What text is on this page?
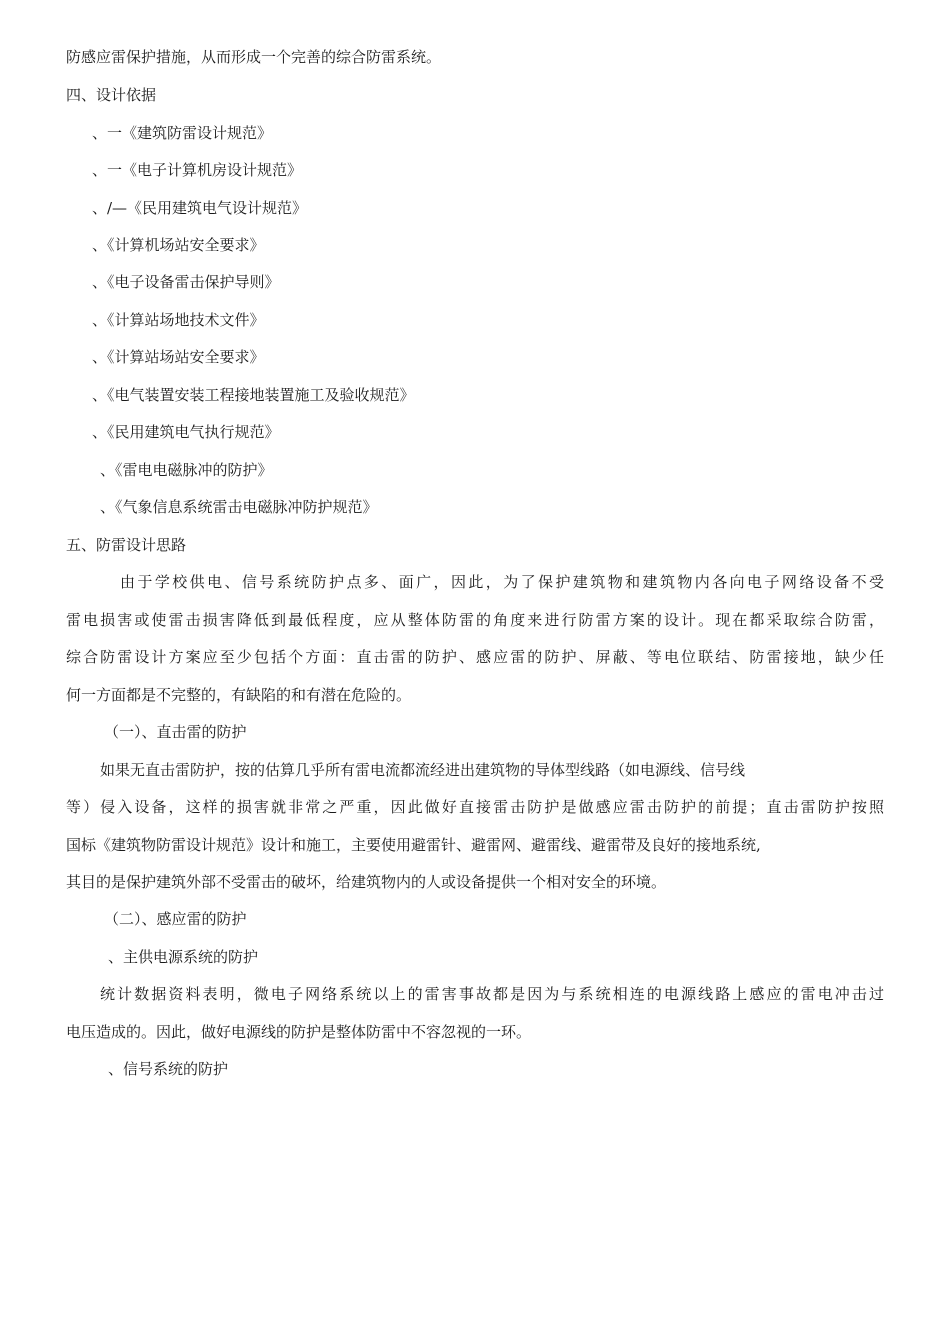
防感应雷保护措施，从而形成一个完善的综合防雷系统。
四、设计依据
、一《建筑防雷设计规范》
、一《电子计算机房设计规范》
、/—《民用建筑电气设计规范》
、《计算机场站安全要求》
、《电子设备雷击保护导则》
、《计算站场地技术文件》
、《计算站场站安全要求》
、《电气装置安装工程接地装置施工及验收规范》
、《民用建筑电气执行规范》
、《雷电电磁脉冲的防护》
、《气象信息系统雷击电磁脉冲防护规范》
五、防雷设计思路
由于学校供电、信号系统防护点多、面广，因此，为了保护建筑物和建筑物内各向电子网络设备不受
雷电损害或使雷击损害降低到最低程度，应从整体防雷的角度来进行防雷方案的设计。现在都采取综合防雷，
综合防雷设计方案应至少包括个方面：直击雷的防护、感应雷的防护、屏蔽、等电位联结、防雷接地，缺少任
何一方面都是不完整的，有缺陷的和有潜在危险的。
（一）、直击雷的防护
如果无直击雷防护，按的估算几乎所有雷电流都流经进出建筑物的导体型线路（如电源线、信号线
等）侵入设备，这样的损害就非常之严重，因此做好直接雷击防护是做感应雷击防护的前提；直击雷防护按照
国标《建筑物防雷设计规范》设计和施工，主要使用避雷针、避雷网、避雷线、避雷带及良好的接地系统,
其目的是保护建筑外部不受雷击的破坏，给建筑物内的人或设备提供一个相对安全的环境。
（二）、感应雷的防护
、主供电源系统的防护
统计数据资料表明，微电子网络系统以上的雷害事故都是因为与系统相连的电源线路上感应的雷电冲击过
电压造成的。因此，做好电源线的防护是整体防雷中不容忽视的一环。
、信号系统的防护
